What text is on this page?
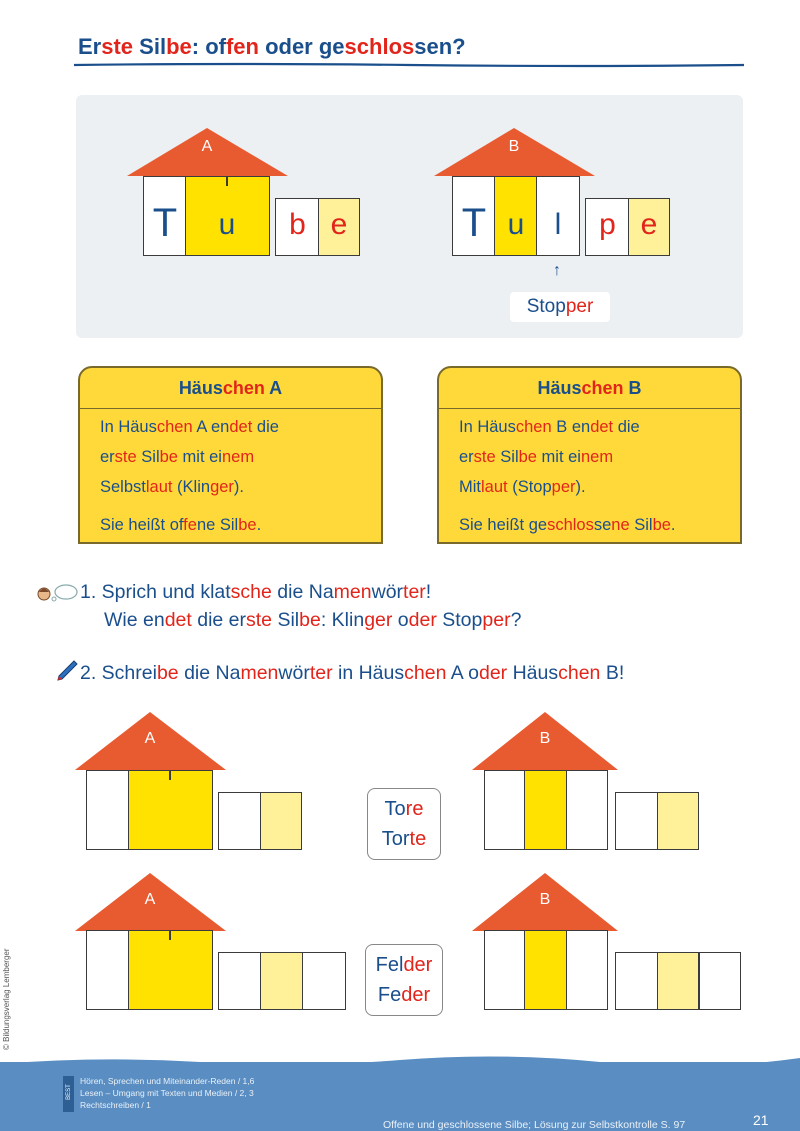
Erste Silbe: offen oder geschlossen?
A
T	u	b e
B
T u	l	p e
↑
Stopper
Häuschen A
In Häuschen A endet die
erste Silbe mit einem
Selbstlaut (Klinger).
Sie heißt offene Silbe.
Häuschen B
In Häuschen B endet die
erste Silbe mit einem
Mitlaut (Stopper).
Sie heißt geschlossene Silbe.
1. Sprich und klatsche die Namenwörter!
Wie endet die erste Silbe: Klinger oder Stopper?
2. Schreibe die Namenwörter in Häuschen A oder Häuschen B!
A
Tore
Torte
B
A
Felder
Feder
B
© Bildungsverlag Lemberger
BEST
Hören, Sprechen und Miteinander-Reden / 1,6
Lesen – Umgang mit Texten und Medien / 2, 3
Rechtschreiben / 1
Offene und geschlossene Silbe; Lösung zur Selbstkontrolle S. 97	21
